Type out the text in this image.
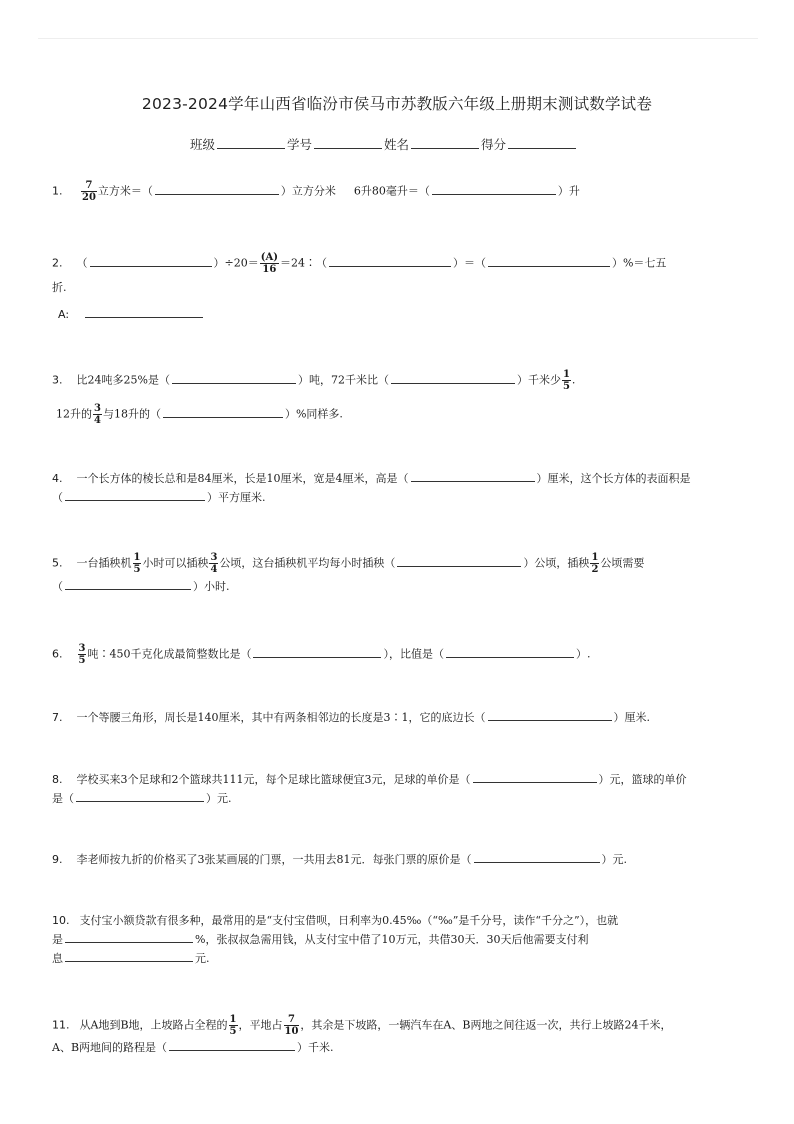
2023-2024学年山西省临汾市侯马市苏教版六年级上册期末测试数学试卷
班级	学号	姓名	得分
1. $\frac{7}{20}$ 立方米＝（	）立方分米 6升80毫升＝（	）升
2. （	）$\div 20= \frac{(A)}{16}$ ＝24∶（	）＝（	）%＝七五
折.
A:
3. 比24吨多25%是（	）吨，72千米比（	）千米少 $\frac{1}{5}$ .
12升的 $\frac{3}{4}$ 与18升的（	）%同样多.
4. 一个长方体的棱长总和是84厘米，长是10厘米，宽是4厘米，高是（	）厘米，这个长方体的表面积是
（	）平方厘米.
5. 一台插秧机 $\frac{1}{5}$ 小时可以插秧 $\frac{3}{4}$ 公顷，这台插秧机平均每小时插秧（	）公顷，插秧 $\frac{1}{2}$ 公顷需要
（	）小时.
6. $\frac{3}{5}$ 吨∶450千克化成最简整数比是（	），比值是（	）.
7. 一个等腰三角形，周长是140厘米，其中有两条相邻边的长度是3∶1，它的底边长（	）厘米.
8. 学校买来3个足球和2个篮球共111元，每个足球比篮球便宜3元，足球的单价是（	）元，篮球的单价
是（	）元.
9. 李老师按九折的价格买了3张某画展的门票，一共用去81元．每张门票的原价是（	）元.
10. 支付宝小额贷款有很多种，最常用的是“支付宝借呗，日利率为0.45‰（“‰”是千分号，读作“千分之”），也就
是	%，张叔叔急需用钱，从支付宝中借了10万元，共借30天．30天后他需要支付利
息	元.
11. 从A地到B地，上坡路占全程的 $\frac{1}{5}$ ，平地占 $\frac{7}{10}$ ，其余是下坡路，一辆汽车在A、B两地之间往返一次，共行上坡路24千米，
A、B两地间的路程是（	）千米.
